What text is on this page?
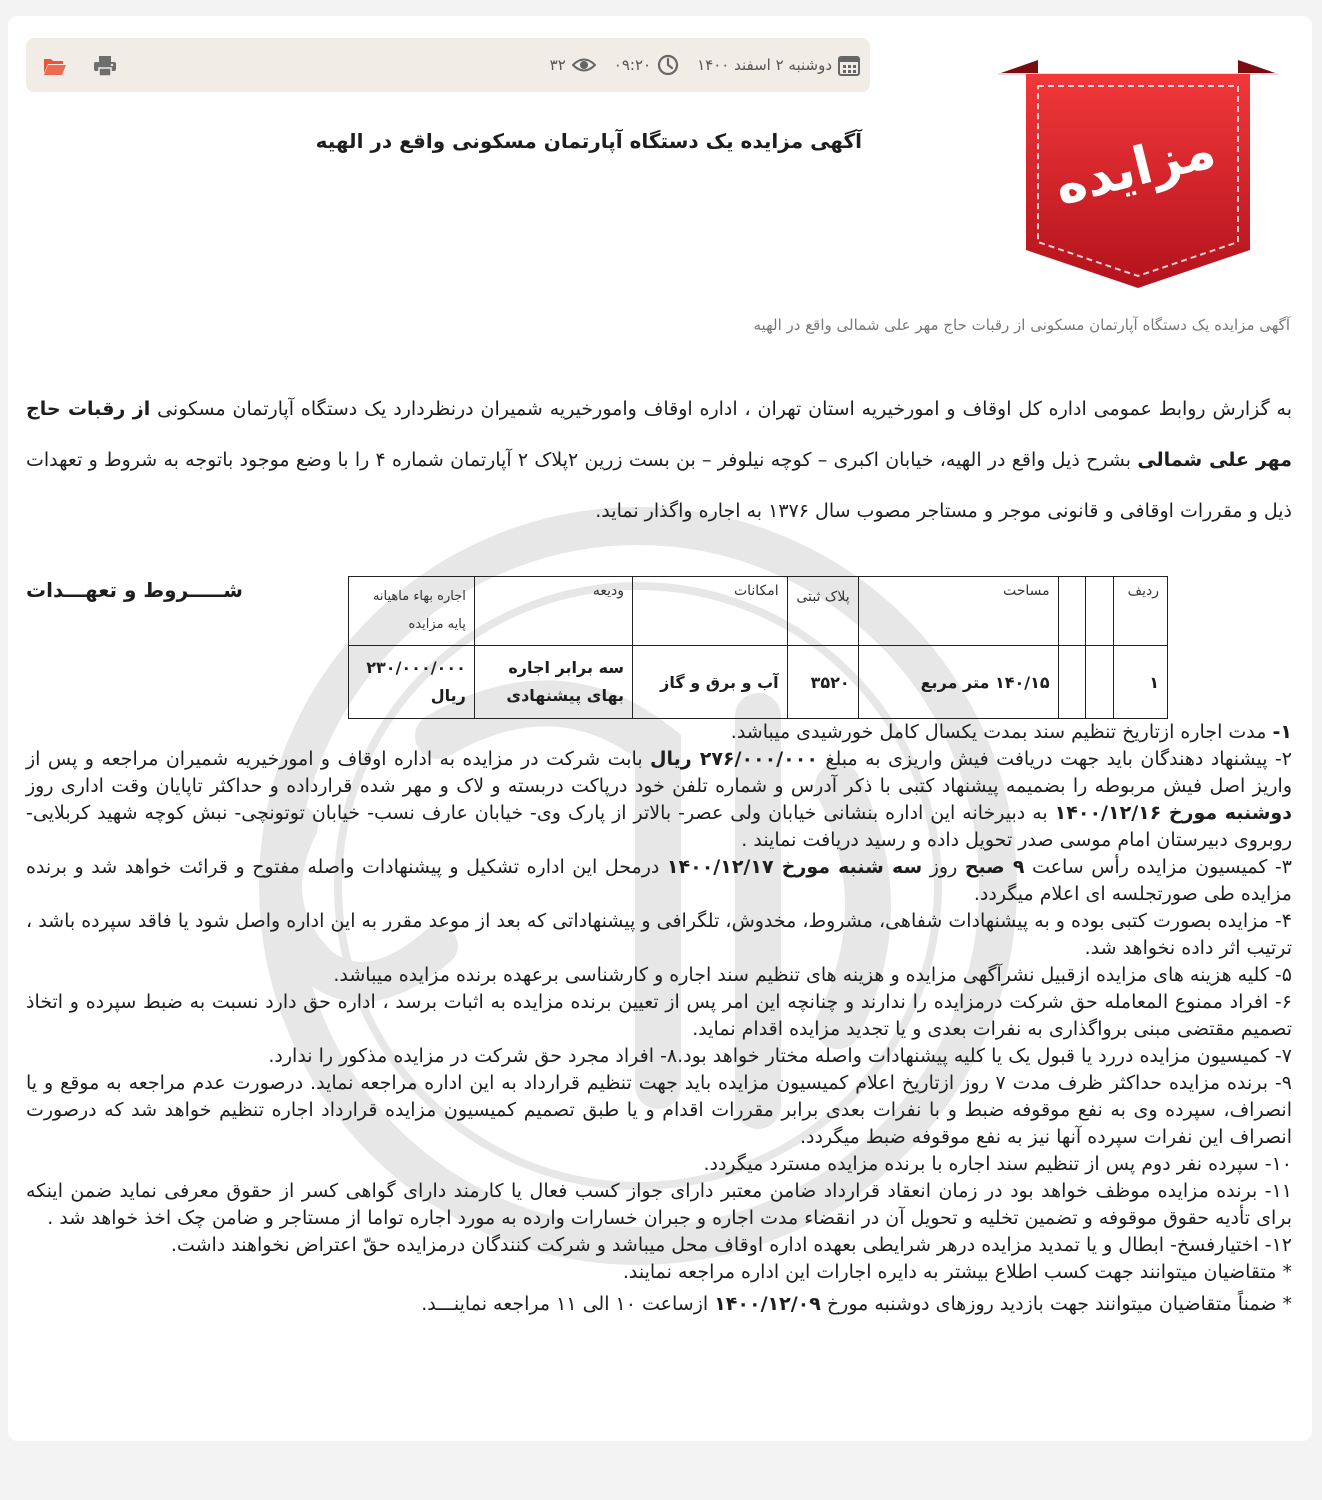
دوشنبه ۲ اسفند ۱۴۰۰
۰۹:۲۰
۳۲
آگهی مزایده یک دستگاه آپارتمان مسکونی واقع در الهیه	مزایده
آگهی مزایده یک دستگاه آپارتمان مسکونی از رقبات حاج مهر علی شمالی واقع در الهیه
به گزارش روابط عمومی اداره کل اوقاف و امورخیریه استان تهران ، اداره اوقاف وامورخیریه شمیران درنظردارد یک دستگاه آپارتمان مسکونی از رقبات حاج مهر علی شمالی بشرح ذیل واقع در الهیه، خیابان اکبری – کوچه نیلوفر – بن بست زرین ۲پلاک ۲ آپارتمان شماره ۴ را با وضع موجود باتوجه به شروط و تعهدات ذیل و مقررات اوقافی و قانونی موجر و مستاجر مصوب سال ۱۳۷۶ به اجاره واگذار نماید.
شـــــروط و تعهـــدات	ردیف			مساحت	پلاک ثبتی	امکانات	ودیعه	اجاره بهاء ماهیانه
پایه مزایده
۱			۱۴۰/۱۵ متر مربع	۳۵۲۰	آب و برق و گاز	سه برابر اجاره بهای پیشنهادی	۲۳۰/۰۰۰/۰۰۰
ریال

۱- مدت اجاره ازتاریخ تنظیم سند بمدت یکسال کامل خورشیدی میباشد.

۲- پیشنهاد دهندگان باید جهت دریافت فیش واریزی به مبلغ ۲۷۶/۰۰۰/۰۰۰ ریال بابت شرکت در مزایده به اداره اوقاف و امورخیریه شمیران مراجعه و پس از واریز اصل فیش مربوطه را بضمیمه پیشنهاد کتبی با ذکر آدرس و شماره تلفن خود درپاکت دربسته و لاک و مهر شده قرارداده و حداکثر تاپایان وقت اداری روز دوشنبه مورخ ۱۴۰۰/۱۲/۱۶ به دبیرخانه این اداره بنشانی خیابان ولی عصر- بالاتر از پارک وی- خیابان عارف نسب- خیابان توتونچی- نبش کوچه شهید کربلایی- روبروی دبیرستان امام موسی صدر تحویل داده و رسید دریافت نمایند .

۳- کمیسیون مزایده رأس ساعت ۹ صبح روز سه شنبه مورخ ۱۴۰۰/۱۲/۱۷ درمحل این اداره تشکیل و پیشنهادات واصله مفتوح و قرائت خواهد شد و برنده مزایده طی صورتجلسه ای اعلام میگردد.

۴- مزایده بصورت کتبی بوده و به پیشنهادات شفاهی، مشروط، مخدوش، تلگرافی و پیشنهاداتی که بعد از موعد مقرر به این اداره واصل شود یا فاقد سپرده باشد ، ترتیب اثر داده نخواهد شد.

۵- کلیه هزینه های مزایده ازقبیل نشرآگهی مزایده و هزینه های تنظیم سند اجاره و کارشناسی برعهده برنده مزایده میباشد.

۶- افراد ممنوع المعامله حق شرکت درمزایده را ندارند و چنانچه این امر پس از تعیین برنده مزایده به اثبات برسد ، اداره حق دارد نسبت به ضبط سپرده و اتخاذ تصمیم مقتضی مبنی برواگذاری به نفرات بعدی و یا تجدید مزایده اقدام نماید.

۷- کمیسیون مزایده دررد یا قبول یک یا کلیه پیشنهادات واصله مختار خواهد بود.۸- افراد مجرد حق شرکت در مزایده مذکور را ندارد.

۹- برنده مزایده حداکثر ظرف مدت ۷ روز ازتاریخ اعلام کمیسیون مزایده باید جهت تنظیم قرارداد به این اداره مراجعه نماید. درصورت عدم مراجعه به موقع و یا انصراف، سپرده وی به نفع موقوفه ضبط و با نفرات بعدی برابر مقررات اقدام و یا طبق تصمیم کمیسیون مزایده قرارداد اجاره تنظیم خواهد شد که درصورت انصراف این نفرات سپرده آنها نیز به نفع موقوفه ضبط میگردد.

۱۰- سپرده نفر دوم پس از تنظیم سند اجاره با برنده مزایده مسترد میگردد.

۱۱- برنده مزایده موظف خواهد بود در زمان انعقاد قرارداد ضامن معتبر دارای جواز کسب فعال یا کارمند دارای گواهی کسر از حقوق معرفی نماید ضمن اینکه برای تأدیه حقوق موقوفه و تضمین تخلیه و تحویل آن در انقضاء مدت اجاره و جبران خسارات وارده به مورد اجاره تواما از مستاجر و ضامن چک اخذ خواهد شد .

۱۲- اختیارفسخ- ابطال و یا تمدید مزایده درهر شرایطی بعهده اداره اوقاف محل میباشد و شرکت کنندگان درمزایده حقّ اعتراض نخواهند داشت.

* متقاضیان میتوانند جهت کسب اطلاع بیشتر به دایره اجارات این اداره مراجعه نمایند.

* ضمناً متقاضیان میتوانند جهت بازدید روزهای دوشنبه مورخ ۱۴۰۰/۱۲/۰۹ ازساعت ۱۰ الی ۱۱ مراجعه نماینـــد.
